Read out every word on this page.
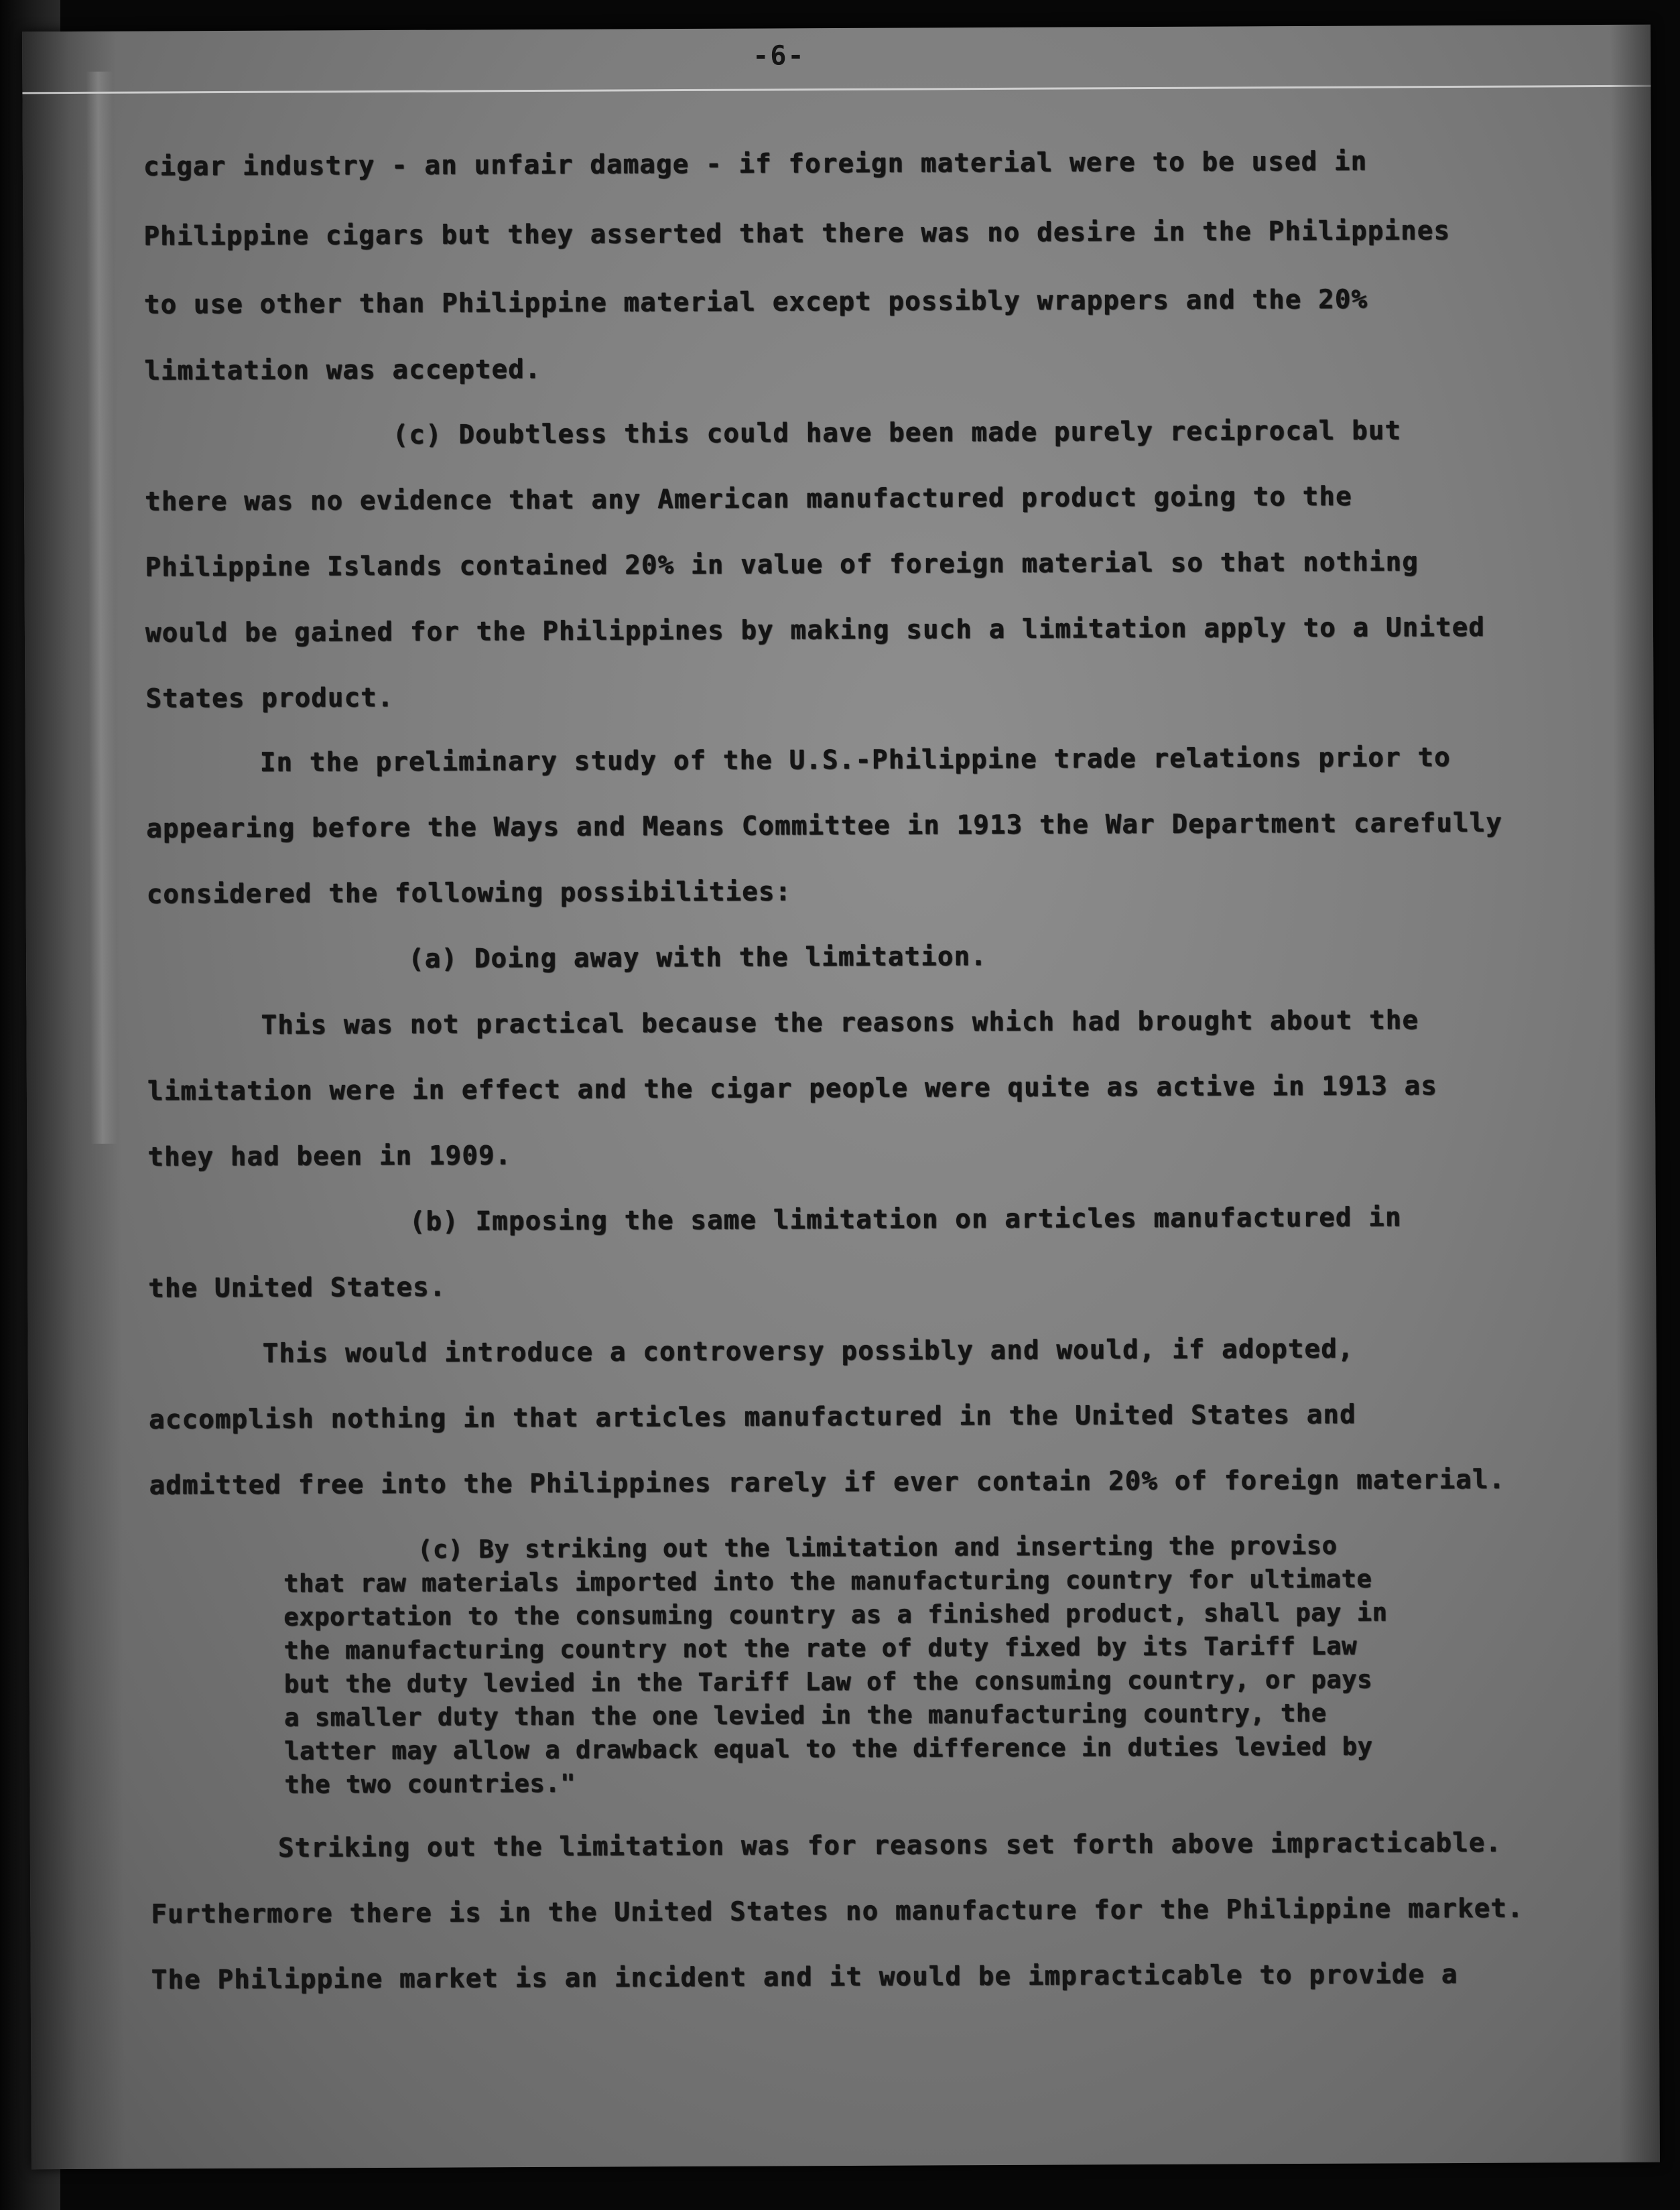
-6-
cigar industry - an unfair damage - if foreign material were to be used in
Philippine cigars but they asserted that there was no desire in the Philippines
to use other than Philippine material except possibly wrappers and the 20%
limitation was accepted.
(c) Doubtless this could have been made purely reciprocal but
there was no evidence that any American manufactured product going to the
Philippine Islands contained 20% in value of foreign material so that nothing
would be gained for the Philippines by making such a limitation apply to a United
States product.
In the preliminary study of the U.S.-Philippine trade relations prior to
appearing before the Ways and Means Committee in 1913 the War Department carefully
considered the following possibilities:
(a) Doing away with the limitation.
This was not practical because the reasons which had brought about the
limitation were in effect and the cigar people were quite as active in 1913 as
they had been in 1909.
(b) Imposing the same limitation on articles manufactured in
the United States.
This would introduce a controversy possibly and would, if adopted,
accomplish nothing in that articles manufactured in the United States and
admitted free into the Philippines rarely if ever contain 20% of foreign material.
(c) By striking out the limitation and inserting the proviso
that raw materials imported into the manufacturing country for ultimate
exportation to the consuming country as a finished product, shall pay in
the manufacturing country not the rate of duty fixed by its Tariff Law
but the duty levied in the Tariff Law of the consuming country, or pays
a smaller duty than the one levied in the manufacturing country, the
latter may allow a drawback equal to the difference in duties levied by
the two countries."
Striking out the limitation was for reasons set forth above impracticable.
Furthermore there is in the United States no manufacture for the Philippine market.
The Philippine market is an incident and it would be impracticable to provide a
